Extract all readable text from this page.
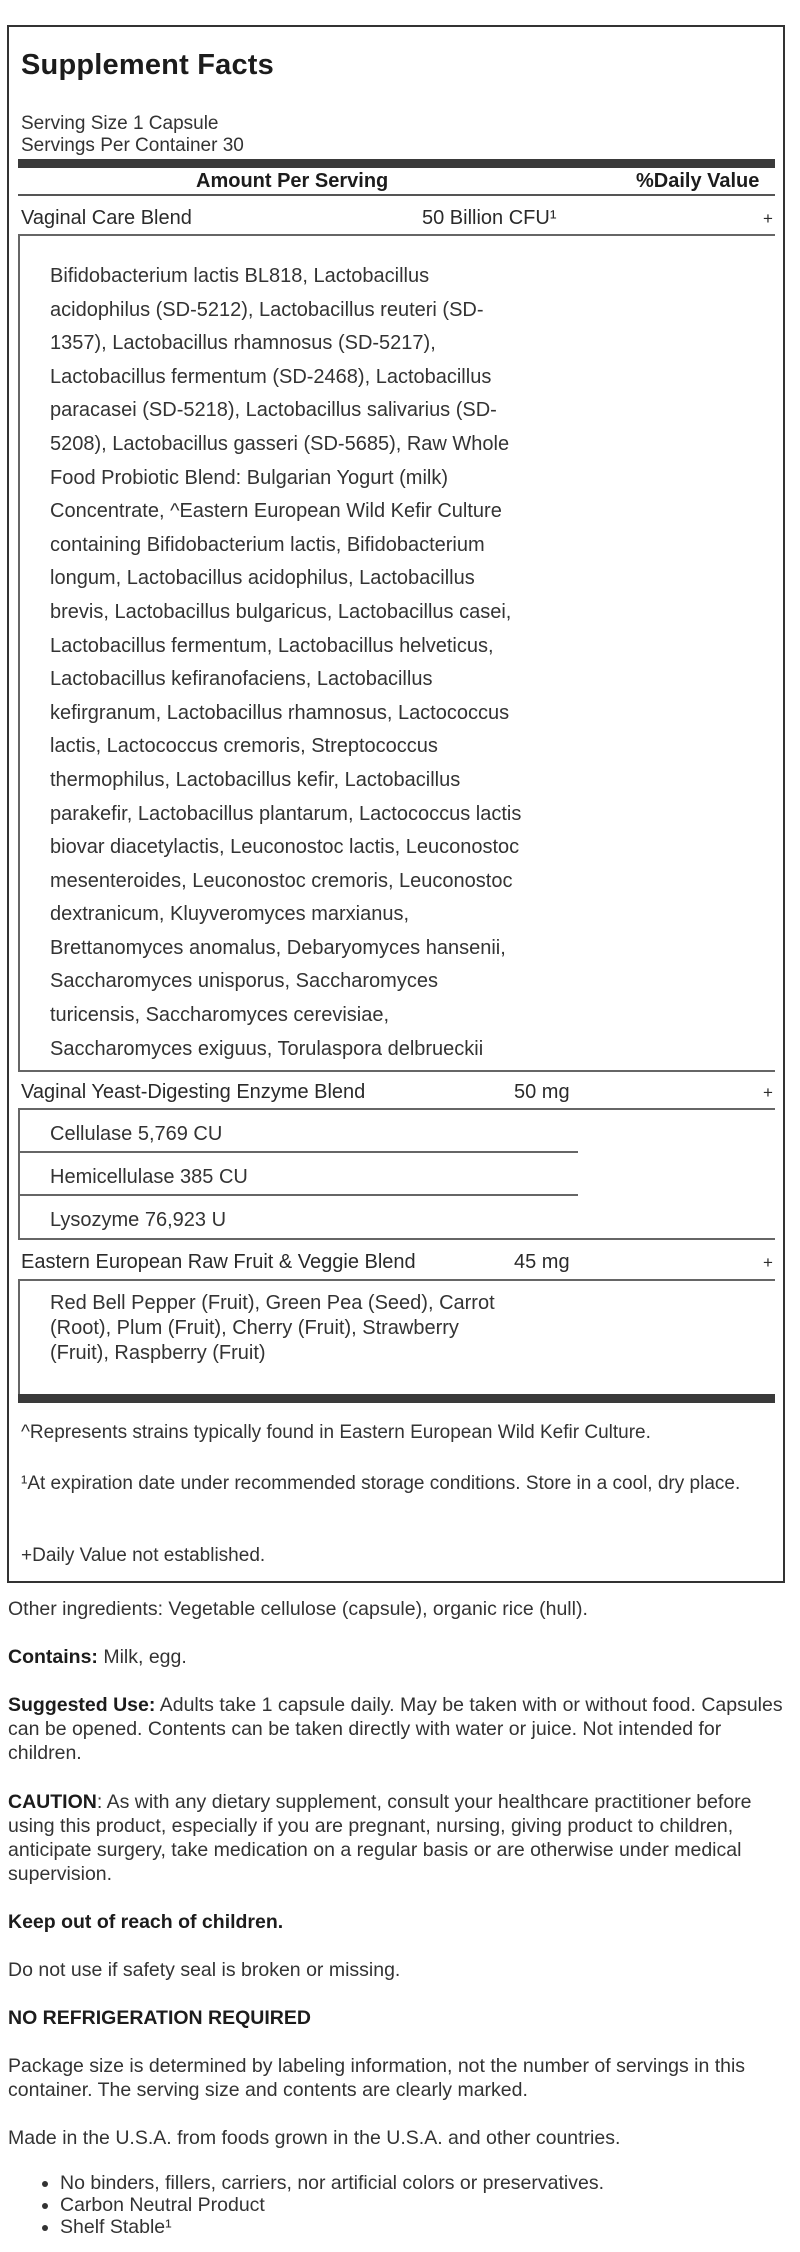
Supplement Facts
Serving Size 1 Capsule
Servings Per Container 30
Amount Per Serving	%Daily Value
Vaginal Care Blend	50 Billion CFU¹	+
Bifidobacterium lactis BL818, Lactobacillus
acidophilus (SD-5212), Lactobacillus reuteri (SD-
1357), Lactobacillus rhamnosus (SD-5217),
Lactobacillus fermentum (SD-2468), Lactobacillus
paracasei (SD-5218), Lactobacillus salivarius (SD-
5208), Lactobacillus gasseri (SD-5685), Raw Whole
Food Probiotic Blend: Bulgarian Yogurt (milk)
Concentrate, ^Eastern European Wild Kefir Culture
containing Bifidobacterium lactis, Bifidobacterium
longum, Lactobacillus acidophilus, Lactobacillus
brevis, Lactobacillus bulgaricus, Lactobacillus casei,
Lactobacillus fermentum, Lactobacillus helveticus,
Lactobacillus kefiranofaciens, Lactobacillus
kefirgranum, Lactobacillus rhamnosus, Lactococcus
lactis, Lactococcus cremoris, Streptococcus
thermophilus, Lactobacillus kefir, Lactobacillus
parakefir, Lactobacillus plantarum, Lactococcus lactis
biovar diacetylactis, Leuconostoc lactis, Leuconostoc
mesenteroides, Leuconostoc cremoris, Leuconostoc
dextranicum, Kluyveromyces marxianus,
Brettanomyces anomalus, Debaryomyces hansenii,
Saccharomyces unisporus, Saccharomyces
turicensis, Saccharomyces cerevisiae,
Saccharomyces exiguus, Torulaspora delbrueckii
Vaginal Yeast-Digesting Enzyme Blend	50 mg	+
Cellulase 5,769 CU
Hemicellulase 385 CU
Lysozyme 76,923 U
Eastern European Raw Fruit & Veggie Blend	45 mg	+
Red Bell Pepper (Fruit), Green Pea (Seed), Carrot
(Root), Plum (Fruit), Cherry (Fruit), Strawberry
(Fruit), Raspberry (Fruit)
^Represents strains typically found in Eastern European Wild Kefir Culture.
¹At expiration date under recommended storage conditions. Store in a cool, dry place.
+Daily Value not established.

Other ingredients: Vegetable cellulose (capsule), organic rice (hull).

Contains: Milk, egg.

Suggested Use: Adults take 1 capsule daily. May be taken with or without food. Capsules can be opened. Contents can be taken directly with water or juice. Not intended for children.

CAUTION: As with any dietary supplement, consult your healthcare practitioner before using this product, especially if you are pregnant, nursing, giving product to children, anticipate surgery, take medication on a regular basis or are otherwise under medical supervision.

Keep out of reach of children.

Do not use if safety seal is broken or missing.

NO REFRIGERATION REQUIRED

Package size is determined by labeling information, not the number of servings in this container. The serving size and contents are clearly marked.

Made in the U.S.A. from foods grown in the U.S.A. and other countries.

• No binders, fillers, carriers, nor artificial colors or preservatives.
• Carbon Neutral Product
• Shelf Stable¹
